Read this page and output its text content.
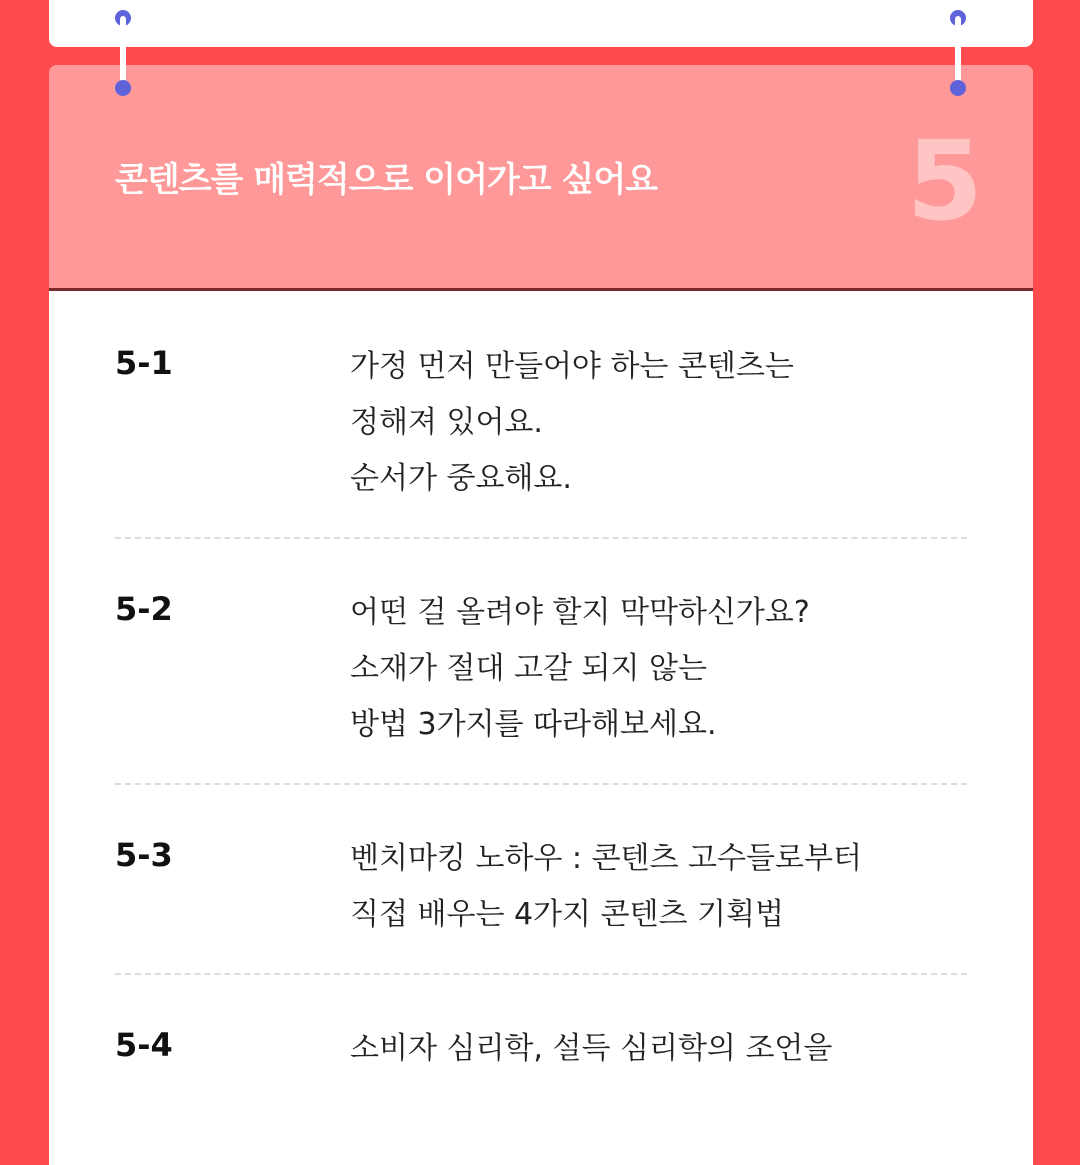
콘텐츠를 매력적으로 이어가고 싶어요 5
5-1	가정 먼저 만들어야 하는 콘텐츠는
정해져 있어요.
순서가 중요해요.
5-2	어떤 걸 올려야 할지 막막하신가요?
소재가 절대 고갈 되지 않는
방법 3가지를 따라해보세요.
5-3	벤치마킹 노하우 : 콘텐츠 고수들로부터
직접 배우는 4가지 콘텐츠 기획법
5-4	소비자 심리학, 설득 심리학의 조언을
